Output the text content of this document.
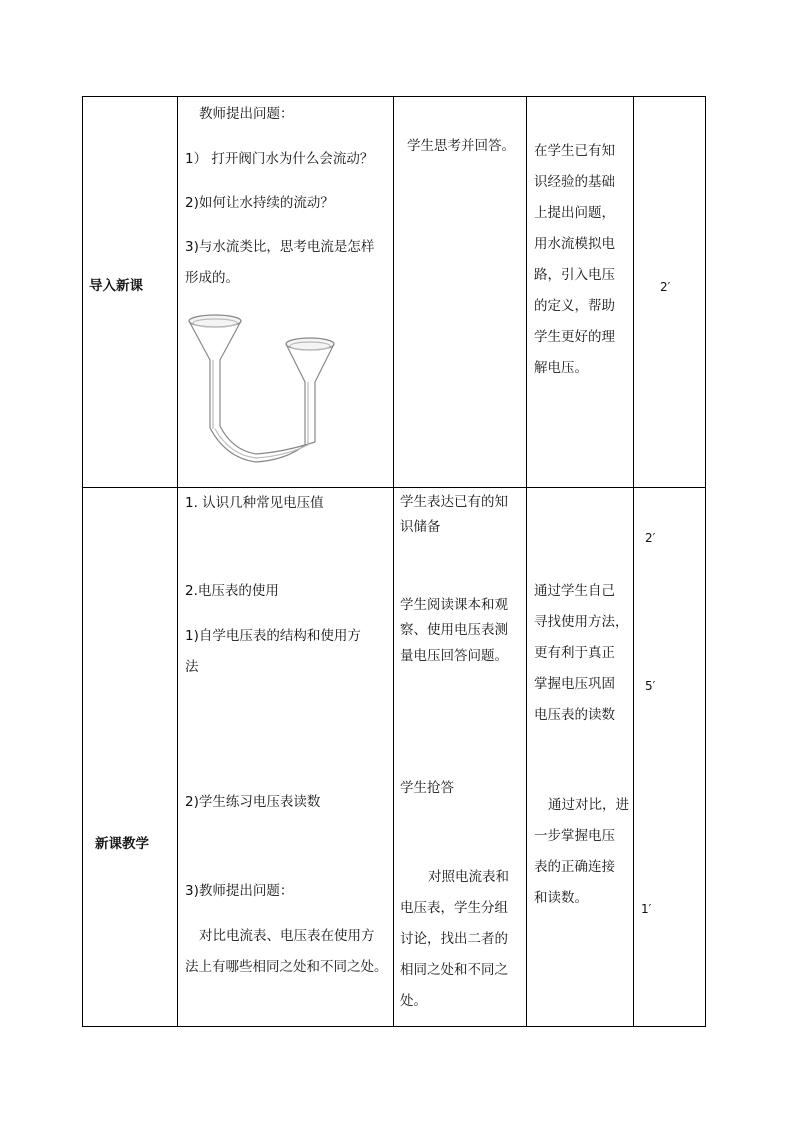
导入新课
教师提出问题：
1） 打开阀门水为什么会流动？
2)如何让水持续的流动？
3)与水流类比，思考电流是怎样
形成的。
学生思考并回答。 在学生已有知
识经验的基础
上提出问题，
用水流模拟电
路，引入电压
的定义，帮助
学生更好的理
解电压。
2′
新课教学
1. 认识几种常见电压值
2.电压表的使用
1)自学电压表的结构和使用方
法
2)学生练习电压表读数
3)教师提出问题：
对比电流表、电压表在使用方
法上有哪些相同之处和不同之处。
学生表达已有的知
识储备
学生阅读课本和观
察、使用电压表测
量电压回答问题。
学生抢答
对照电流表和
电压表，学生分组
讨论，找出二者的
相同之处和不同之
处。
通过学生自己
寻找使用方法，
更有利于真正
掌握电压巩固
电压表的读数
通过对比，进
一步掌握电压
表的正确连接
和读数。
2′
5′
1′
